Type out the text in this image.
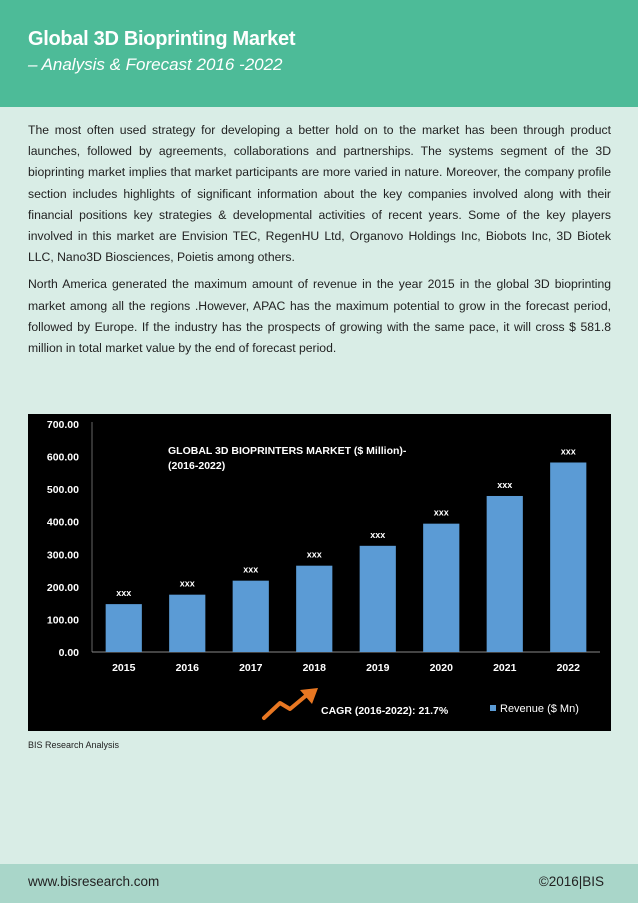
Global 3D Bioprinting Market
– Analysis & Forecast 2016 -2022

The most often used strategy for developing a better hold on to the market has been through product launches, followed by agreements, collaborations and partnerships. The systems segment of the 3D bioprinting market implies that market participants are more varied in nature. Moreover, the company profile section includes highlights of significant information about the key companies involved along with their financial positions key strategies & developmental activities of recent years. Some of the key players involved in this market are Envision TEC, RegenHU Ltd, Organovo Holdings Inc, Biobots Inc, 3D Biotek LLC, Nano3D Biosciences, Poietis among others.

North America generated the maximum amount of revenue in the year 2015 in the global 3D bioprinting market among all the regions .However, APAC has the maximum potential to grow in the forecast period, followed by Europe. If the industry has the prospects of growing with the same pace, it will cross $ 581.8 million in total market value by the end of forecast period.

GLOBAL 3D BIOPRINTERS MARKET ($ Million)-
(2016-2022)
0.00
100.00
200.00
300.00
400.00
500.00
600.00
700.00
xxx
xxx
xxx
xxx
xxx
xxx
xxx
xxx
2015	2016	2017	2018	2019	2020	2021	2022
CAGR (2016-2022): 21.7%	Revenue ($ Mn)
BIS Research Analysis
www.bisresearch.com	©2016|BIS
